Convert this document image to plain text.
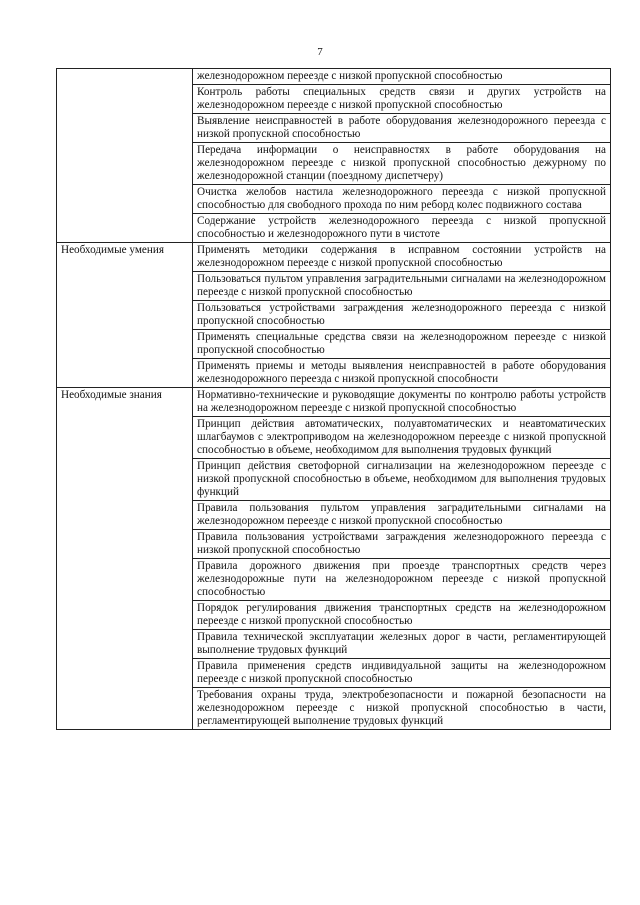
7
	железнодорожном переезде с низкой пропускной способностью
	Контроль работы специальных средств связи и других устройств на железнодорожном переезде с низкой пропускной способностью
	Выявление неисправностей в работе оборудования железнодорожного переезда с низкой пропускной способностью
	Передача информации о неисправностях в работе оборудования на железнодорожном переезде с низкой пропускной способностью дежурному по железнодорожной станции (поездному диспетчеру)
	Очистка желобов настила железнодорожного переезда с низкой пропускной способностью для свободного прохода по ним реборд колес подвижного состава
	Содержание устройств железнодорожного переезда с низкой пропускной способностью и железнодорожного пути в чистоте
Необходимые умения	Применять методики содержания в исправном состоянии устройств на железнодорожном переезде с низкой пропускной способностью
	Пользоваться пультом управления заградительными сигналами на железнодорожном переезде с низкой пропускной способностью
	Пользоваться устройствами заграждения железнодорожного переезда с низкой пропускной способностью
	Применять специальные средства связи на железнодорожном переезде с низкой пропускной способностью
	Применять приемы и методы выявления неисправностей в работе оборудования железнодорожного переезда с низкой пропускной способности
Необходимые знания	Нормативно-технические и руководящие документы по контролю работы устройств на железнодорожном переезде с низкой пропускной способностью
	Принцип действия автоматических, полуавтоматических и неавтоматических шлагбаумов с электроприводом на железнодорожном переезде с низкой пропускной способностью в объеме, необходимом для выполнения трудовых функций
	Принцип действия светофорной сигнализации на железнодорожном переезде с низкой пропускной способностью в объеме, необходимом для выполнения трудовых функций
	Правила пользования пультом управления заградительными сигналами на железнодорожном переезде с низкой пропускной способностью
	Правила пользования устройствами заграждения железнодорожного переезда с низкой пропускной способностью
	Правила дорожного движения при проезде транспортных средств через железнодорожные пути на железнодорожном переезде с низкой пропускной способностью
	Порядок регулирования движения транспортных средств на железнодорожном переезде с низкой пропускной способностью
	Правила технической эксплуатации железных дорог в части, регламентирующей выполнение трудовых функций
	Правила применения средств индивидуальной защиты на железнодорожном переезде с низкой пропускной способностью
	Требования охраны труда, электробезопасности и пожарной безопасности на железнодорожном переезде с низкой пропускной способностью в части, регламентирующей выполнение трудовых функций
